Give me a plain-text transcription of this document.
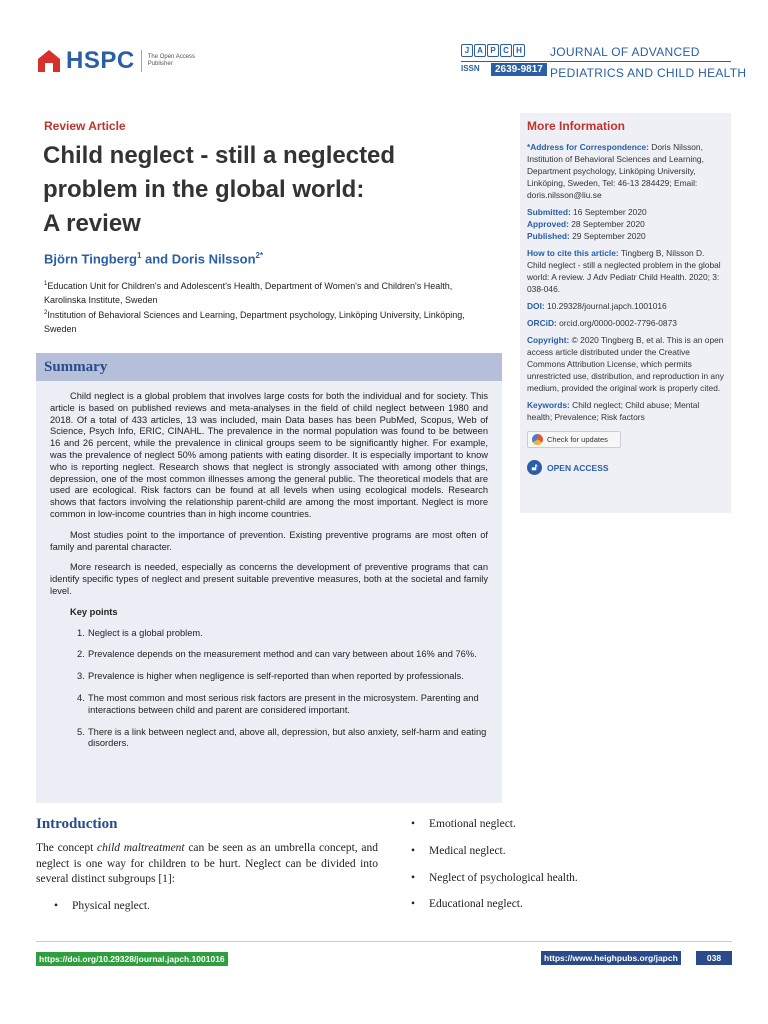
HSPC The Open Access
Publisher
J A P C H JOURNAL OF ADVANCED
ISSN	2639-9817 PEDIATRICS AND CHILD HEALTH
Review Article
Child neglect - still a neglected
problem in the global world:
A review
Björn Tingberg$^1$ and Doris Nilsson$^{2*}$
$^1$Education Unit for Children's and Adolescent's Health, Department of Women's and Children's Health, Karolinska Institute, Sweden
$^2$Institution of Behavioral Sciences and Learning, Department psychology, Linköping University, Linköping, Sweden
Summary

Child neglect is a global problem that involves large costs for both the individual and for society. This article is based on published reviews and meta-analyses in the field of child neglect between 1980 and 2018. Of a total of 433 articles, 13 was included, main Data bases has been PubMed, Scopus, Web of Science, Psych Info, ERIC, CINAHL. The prevalence in the normal population was found to be between 16 and 26 percent, while the prevalence in clinical groups seem to be significantly higher. For example, was the prevalence of neglect 50% among patients with eating disorder. It is especially important to know who is reporting neglect. Research shows that neglect is strongly associated with among other things, depression, one of the most common illnesses among the general public. The theoretical models that are used are ecological. Risk factors can be found at all levels when using ecological models. Research shows that factors involving the relationship parent-child are among the most important. Neglect is more common in low-income countries than in high income countries.

Most studies point to the importance of prevention. Existing preventive programs are most often of family and parental character.

More research is needed, especially as concerns the development of preventive programs that can identify specific types of neglect and present suitable preventive measures, both at the societal and family level.

Key points
1. Neglect is a global problem.
2. Prevalence depends on the measurement method and can vary between about 16% and 76%.
3. Prevalence is higher when negligence is self-reported than when reported by professionals.
4. The most common and most serious risk factors are present in the microsystem. Parenting and interactions between child and parent are considered important.
5. There is a link between neglect and, above all, depression, but also anxiety, self-harm and eating disorders.
More Information
*Address for Correspondence: Doris Nilsson, Institution of Behavioral Sciences and Learning, Department psychology, Linköping University, Linköping, Sweden, Tel: 46-13 284429; Email: doris.nilsson@liu.se
Submitted: 16 September 2020
Approved: 28 September 2020
Published: 29 September 2020
How to cite this article: Tingberg B, Nilsson D. Child neglect - still a neglected problem in the global world: A review. J Adv Pediatr Child Health. 2020; 3: 038-046.
DOI: 10.29328/journal.japch.1001016
ORCiD: orcid.org/0000-0002-7796-0873
Copyright: © 2020 Tingberg B, et al. This is an open access article distributed under the Creative Commons Attribution License, which permits unrestricted use, distribution, and reproduction in any medium, provided the original work is properly cited.
Keywords: Child neglect; Child abuse; Mental health; Prevalence; Risk factors
Check for updates
🔓︎	OPEN ACCESS
Introduction

The concept child maltreatment can be seen as an umbrella concept, and neglect is one way for children to be hurt. Neglect can be divided into several distinct subgroups [1]:

• Physical neglect.
• Emotional neglect.
• Medical neglect.
• Neglect of psychological health.
• Educational neglect.
https://doi.org/10.29328/journal.japch.1001016	https://www.heighpubs.org/japch	038
